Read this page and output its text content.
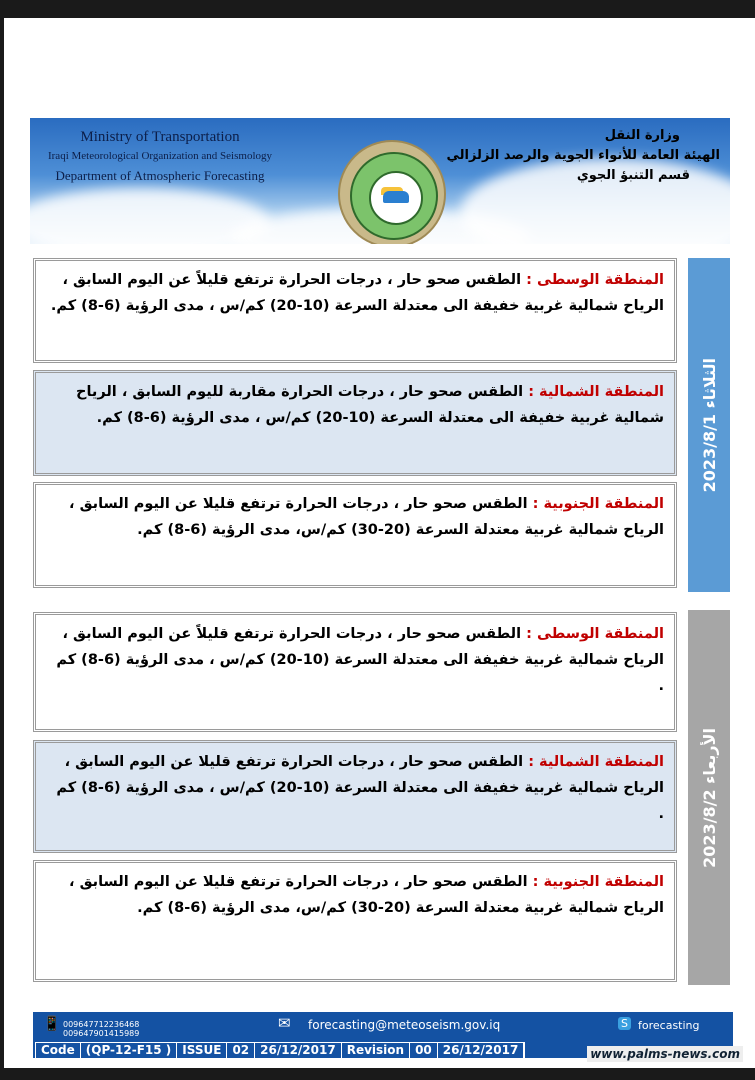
Ministry of Transportation
Iraqi Meteorological Organization and Seismology
Department of Atmospheric Forecasting
وزارة النقل
الهيئة العامة للأنواء الجوية والرصد الزلزالي
قسم التنبؤ الجوي
المنطقة الوسطى : الطقس صحو حار ، درجات الحرارة ترتفع قليلاً عن اليوم السابق ، الرياح شمالية غربية خفيفة الى معتدلة السرعة (10-20) كم/س ، مدى الرؤية (6-8) كم.
المنطقة الشمالية : الطقس صحو حار ، درجات الحرارة مقاربة لليوم السابق ، الرياح شمالية غربية خفيفة الى معتدلة السرعة (10-20) كم/س ، مدى الرؤية (6-8) كم.
المنطقة الجنوبية : الطقس صحو حار ، درجات الحرارة ترتفع قليلا عن اليوم السابق ، الرياح شمالية غربية معتدلة السرعة (20-30) كم/س، مدى الرؤية (6-8) كم.
الثلاثاء 2023/8/1
المنطقة الوسطى : الطقس صحو حار ، درجات الحرارة ترتفع قليلاً عن اليوم السابق ، الرياح شمالية غربية خفيفة الى معتدلة السرعة (10-20) كم/س ، مدى الرؤية (6-8) كم .
المنطقة الشمالية : الطقس صحو حار ، درجات الحرارة ترتفع قليلا عن اليوم السابق ، الرياح شمالية غربية خفيفة الى معتدلة السرعة (10-20) كم/س ، مدى الرؤية (6-8) كم .
المنطقة الجنوبية : الطقس صحو حار ، درجات الحرارة ترتفع قليلا عن اليوم السابق ، الرياح شمالية غربية معتدلة السرعة (20-30) كم/س، مدى الرؤية (6-8) كم.
الأربعاء 2023/8/2
📱 009647712236468
009647901415989
✉ forecasting@meteoseism.gov.iq	S forecasting
Code (QP-12-F15 ) ISSUE 02 26/12/2017 Revision 00 26/12/2017	www.palms-news.com
